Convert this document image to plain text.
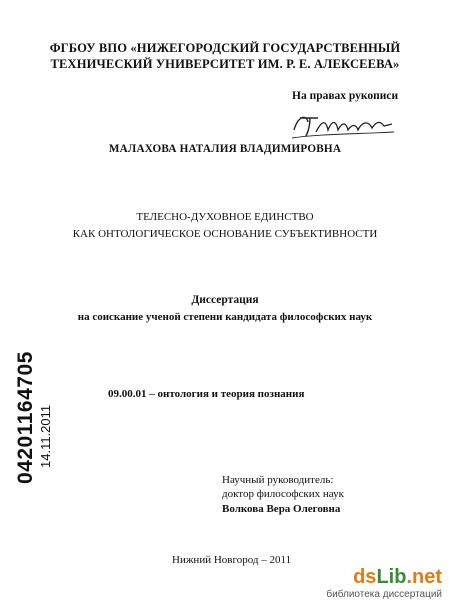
ФГБОУ ВПО «НИЖЕГОРОДСКИЙ ГОСУДАРСТВЕННЫЙ
ТЕХНИЧЕСКИЙ УНИВЕРСИТЕТ ИМ. Р. Е. АЛЕКСЕЕВА»
На правах рукописи
МАЛАХОВА НАТАЛИЯ ВЛАДИМИРОВНА
ТЕЛЕСНО-ДУХОВНОЕ ЕДИНСТВО
КАК ОНТОЛОГИЧЕСКОЕ ОСНОВАНИЕ СУБЪЕКТИВНОСТИ
Диссертация
на соискание ученой степени кандидата философских наук
09.00.01 – онтология и теория познания
Научный руководитель:
доктор философских наук
Волкова Вера Олеговна
Нижний Новгород – 2011
04201164705 14.11.2011
dsLib.net
библиотека диссертаций
